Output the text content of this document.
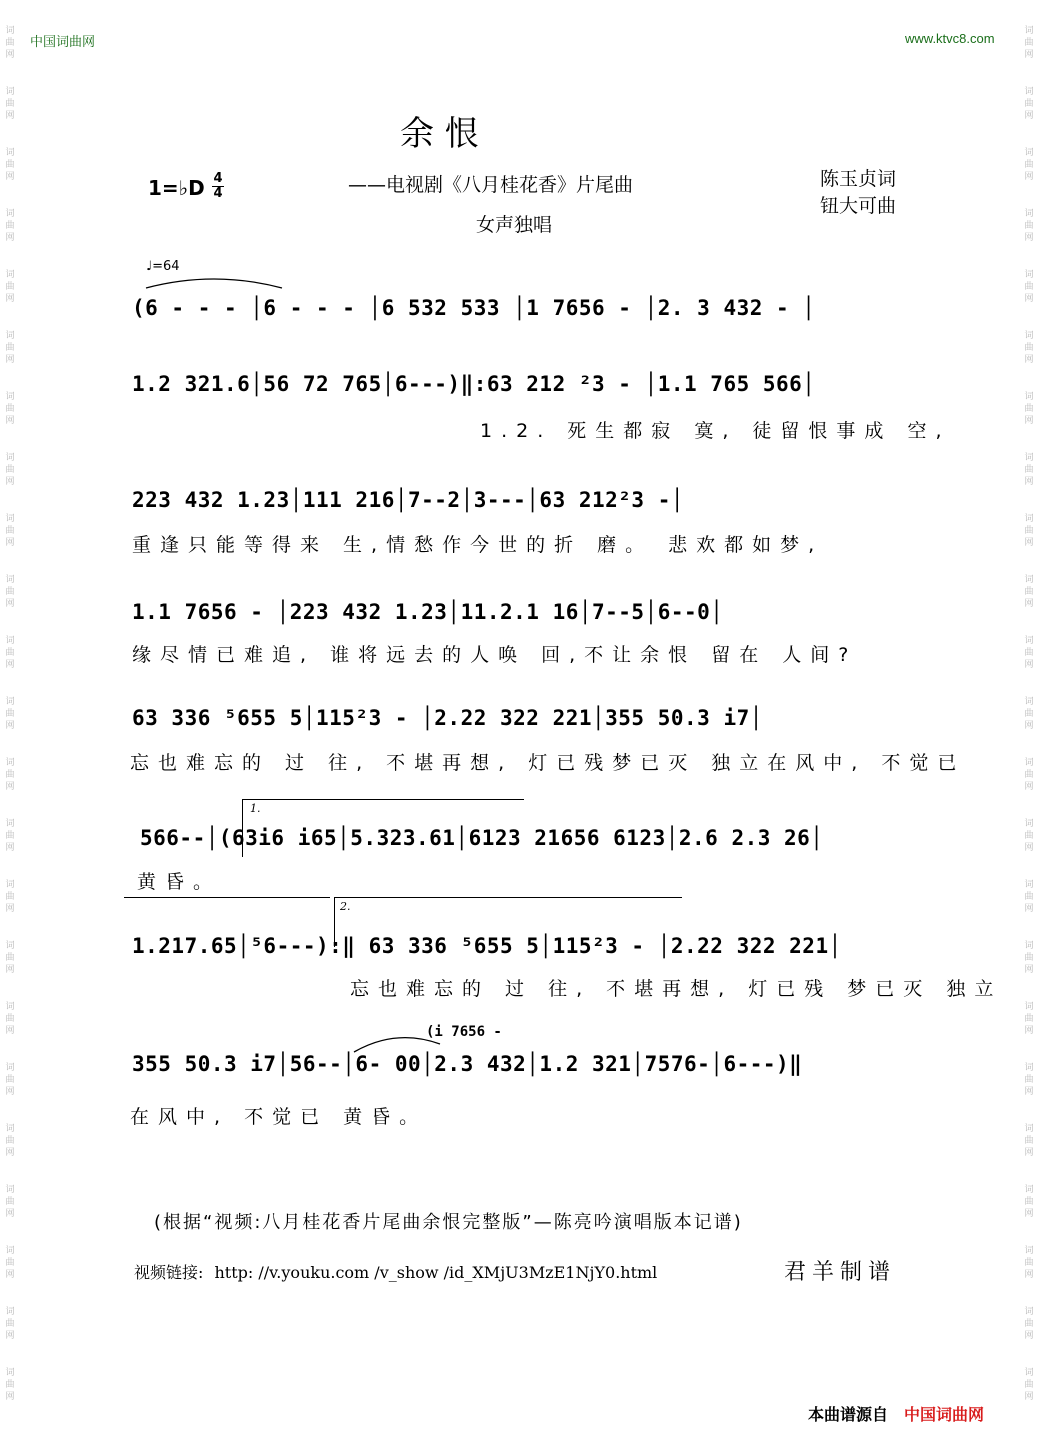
词
曲
网
词
曲
网
词
曲
网
词
曲
网
词
曲
网
词
曲
网
词
曲
网
词
曲
网
词
曲
网
词
曲
网
词
曲
网
词
曲
网
词
曲
网
词
曲
网
词
曲
网
词
曲
网
词
曲
网
词
曲
网
词
曲
网
词
曲
网
词
曲
网
词
曲
网
词
曲
网
词
曲
网
词
曲
网
词
曲
网
词
曲
网
词
曲
网
词
曲
网
词
曲
网
词
曲
网
词
曲
网
词
曲
网
词
曲
网
词
曲
网
词
曲
网
词
曲
网
词
曲
网
词
曲
网
词
曲
网
词
曲
网
词
曲
网
词
曲
网
词
曲
网
词
曲
网
词
曲
网
中国词曲网	www.ktvc8.com
余 恨
——电视剧《八月桂花香》片尾曲
女声独唱
陈玉贞词
钮大可曲
1=♭D 4
4
♩=64
(6 - - - │6 - - - │6 532 533 │1 7656 - │2. 3 432 - │
1.2 321.6│56 72 765│6---)‖:63 212 ²3 - │1.1 765 566│
1.2. 死生都寂 寞, 徒留恨事成 空,
223 432 1.23│111 216│7--2│3---│63 212²3 -│
重逢只能等得来 生,情愁作今世的折 磨。 悲欢都如梦,
1.1 7656 - │223 432 1.23│11.2.1 16│7--5│6--0│
缘尽情已难追, 谁将远去的人唤 回,不让余恨 留在 人间?
63 336 ⁵655 5│115²3 - │2.22 322 221│355 50.3 i7│
忘也难忘的 过 往, 不堪再想, 灯已残梦已灭 独立在风中, 不觉已
1.
566--│(63i6 i65│5.323.61│6123 21656 6123│2.6 2.3 26│
黄昏。
2.
1.217.65│⁵6---):‖ 63 336 ⁵655 5│115²3 - │2.22 322 221│
忘也难忘的 过 往, 不堪再想, 灯已残 梦已灭 独立
(i 7656 -
355 50.3 i7│56--│6- 00│2.3 432│1.2 321│7576-│6---)‖
在风中, 不觉已 黄昏。
(根据“视频:八月桂花香片尾曲余恨完整版”—陈亮吟演唱版本记谱)
视频链接: http: //v.youku.com /v_show /id_XMjU3MzE1NjY0.html	君羊制谱
本曲谱源自 中国词曲网
